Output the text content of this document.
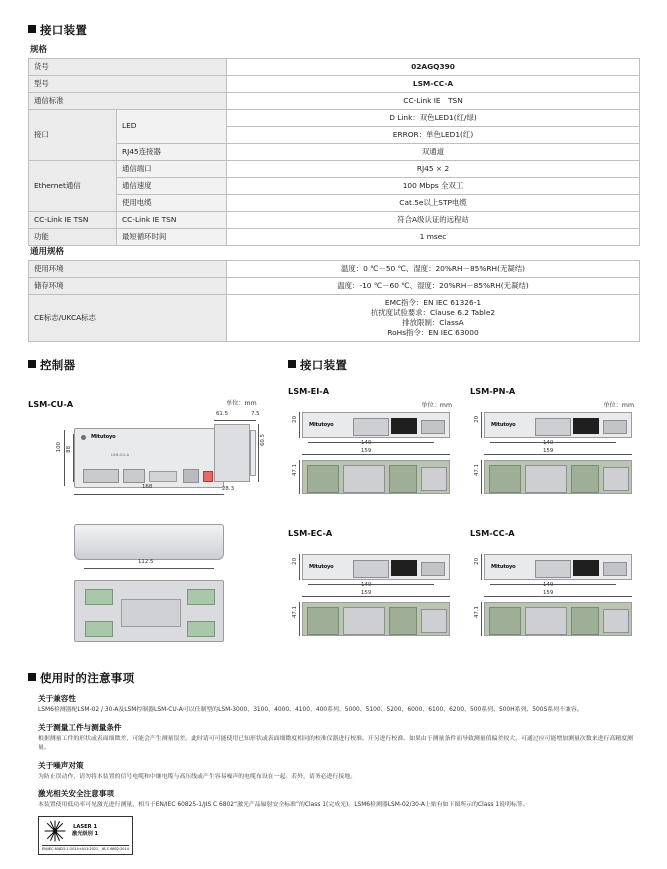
接口装置
规格
货号		02AGQ390
型号		LSM-CC-A
通信标准		CC-Link IE　TSN
接口	LED	D Link：双色LED1(红/绿)
		ERROR：单色LED1(红)
	RJ45连接器	双通道
Ethernet通信	通信端口	RJ45 × 2
	通信速度	100 Mbps 全双工
	使用电缆	Cat.5e以上STP电缆
CC-Link IE TSN	CC-Link IE TSN	符合A级认证的远程站
功能	最短循环时间	1 msec
通用规格
使用环境	温度：0 ℃－50 ℃、湿度：20%RH－85%RH(无凝结)
储存环境	温度：-10 ℃－60 ℃、湿度：20%RH－85%RH(无凝结)
CE标志/UKCA标志	EMC指令：EN IEC 61326-1
抗扰度试验要求：Clause 6.2 Table2
排放限制：ClassA
RoHs指令：EN IEC 63000
控制器
LSM-CU-A
Mitutoyo
LSM-CU-A
100 88
168
单位：mm
61.5	7.5
60.5
28.3
112.5
接口装置
LSM-EI-A
单位：mm
Mitutoyo
20
140
159
47.1
LSM-PN-A
单位：mm
Mitutoyo
20
140
159
47.1
LSM-EC-A
Mitutoyo
20
140
159
47.1
LSM-CC-A
Mitutoyo
20
140
159
47.1
使用时的注意事项
关于兼容性
LSM6检测器配LSM-02 / 30-A及LSM控制器LSM-CU-A可以任制型的LSM-3000、3100、4000、4100、400系列、5000、5100、5200、6000、6100、6200、500系列、500H系列、500S系列不兼容。
关于测量工件与测量条件
根据测量工件的形状或表面细微差，可能会产生测量误差。此时请可可能使用已知形状或表面细微度相同的校准仪器进行校准。开另进行校准。如果由于测量条件而导致测量值偏差较大，可通过应可能增加测量次数来进行高精度测量。
关于噪声对策
为防止误动作，请勿将本装置的信号电缆和中继电缆与高压线或产生容易噪声的电缆布设在一起。若外，请务必进行接地。
激光相关安全注意事项
本装置使用低功率可见激光进行测量，相当于EN/IEC 60825-1/JIS C 6802“激光产品辐射安全标准”的Class 1(完成光)。LSM6检测器LSM-02/30-A上贴有如下图所示的Class 1说明标签。
LASER 1
激光级别 1
EN/IEC 60825-1:2014+A11:2021、JIS C 6802:2014
